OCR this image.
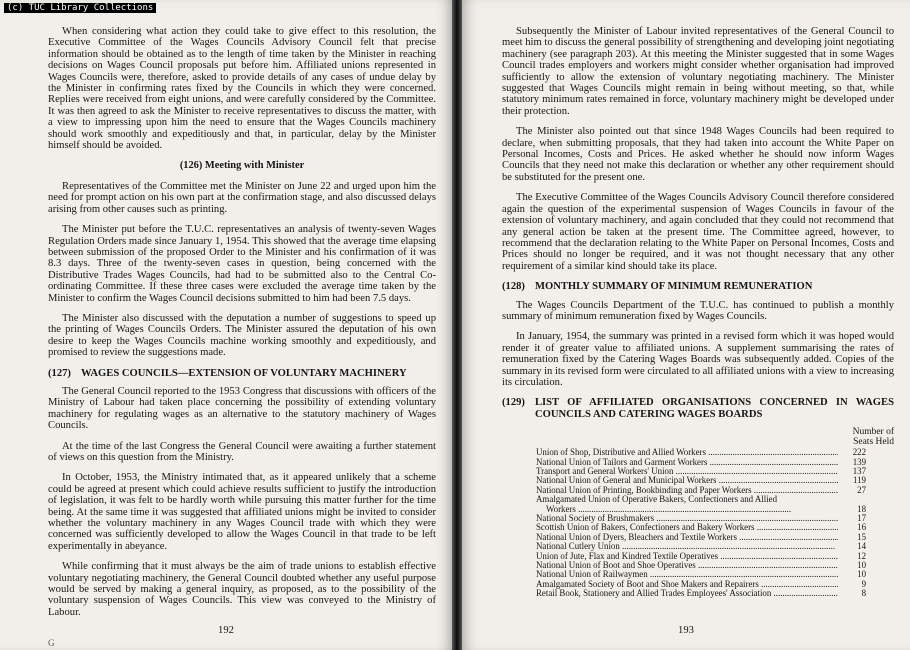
(c) TUC Library Collections

When considering what action they could take to give effect to this resolution, the Executive Committee of the Wages Councils Advisory Council felt that precise information should be obtained as to the length of time taken by the Minister in reaching decisions on Wages Council proposals put before him. Affiliated unions represented in Wages Councils were, therefore, asked to provide details of any cases of undue delay by the Minister in confirming rates fixed by the Councils in which they were concerned. Replies were received from eight unions, and were carefully considered by the Committee. It was then agreed to ask the Minister to receive representatives to discuss the matter, with a view to impressing upon him the need to ensure that the Wages Councils machinery should work smoothly and expeditiously and that, in particular, delay by the Minister himself should be avoided.

(126) Meeting with Minister

Representatives of the Committee met the Minister on June 22 and urged upon him the need for prompt action on his own part at the confirmation stage, and also discussed delays arising from other causes such as printing.

The Minister put before the T.U.C. representatives an analysis of twenty-seven Wages Regulation Orders made since January 1, 1954. This showed that the average time elapsing between submission of the proposed Order to the Minister and his confirmation of it was 8.3 days. Three of the twenty-seven cases in question, being concerned with the Distributive Trades Wages Councils, had had to be submitted also to the Central Co-ordinating Committee. If these three cases were excluded the average time taken by the Minister to confirm the Wages Council decisions submitted to him had been 7.5 days.

The Minister also discussed with the deputation a number of suggestions to speed up the printing of Wages Councils Orders. The Minister assured the deputation of his own desire to keep the Wages Councils machine working smoothly and expeditiously, and promised to review the suggestions made.

(127) WAGES COUNCILS—EXTENSION OF VOLUNTARY MACHINERY

The General Council reported to the 1953 Congress that discussions with officers of the Ministry of Labour had taken place concerning the possibility of extending voluntary machinery for regulating wages as an alternative to the statutory machinery of Wages Councils.

At the time of the last Congress the General Council were awaiting a further statement of views on this question from the Ministry.

In October, 1953, the Ministry intimated that, as it appeared unlikely that a scheme could be agreed at present which could achieve results sufficient to justify the introduction of legislation, it was felt to be hardly worth while pursuing this matter further for the time being. At the same time it was suggested that affiliated unions might be invited to consider whether the voluntary machinery in any Wages Council trade with which they were concerned was sufficiently developed to allow the Wages Council in that trade to be left experimentally in abeyance.

While confirming that it must always be the aim of trade unions to establish effective voluntary negotiating machinery, the General Council doubted whether any useful purpose would be served by making a general inquiry, as proposed, as to the possibility of the voluntary suspension of Wages Councils. This view was conveyed to the Ministry of Labour.

192
G

Subsequently the Minister of Labour invited representatives of the General Council to meet him to discuss the general possibility of strengthening and developing joint negotiating machinery (see paragraph 203). At this meeting the Minister suggested that in some Wages Council trades employers and workers might consider whether organisation had improved sufficiently to allow the extension of voluntary negotiating machinery. The Minister suggested that Wages Councils might remain in being without meeting, so that, while statutory minimum rates remained in force, voluntary machinery might be developed under their protection.

The Minister also pointed out that since 1948 Wages Councils had been required to declare, when submitting proposals, that they had taken into account the White Paper on Personal Incomes, Costs and Prices. He asked whether he should now inform Wages Councils that they need not make this declaration or whether any other requirement should be substituted for the present one.

The Executive Committee of the Wages Councils Advisory Council therefore considered again the question of the experimental suspension of Wages Councils in favour of the extension of voluntary machinery, and again concluded that they could not recommend that any general action be taken at the present time. The Committee agreed, however, to recommend that the declaration relating to the White Paper on Personal Incomes, Costs and Prices should no longer be required, and it was not thought necessary that any other requirement of a similar kind should take its place.

(128) MONTHLY SUMMARY OF MINIMUM REMUNERATION

The Wages Councils Department of the T.U.C. has continued to publish a monthly summary of minimum remuneration fixed by Wages Councils.

In January, 1954, the summary was printed in a revised form which it was hoped would render it of greater value to affiliated unions. A supplement summarising the rates of remuneration fixed by the Catering Wages Boards was subsequently added. Copies of the summary in its revised form were circulated to all affiliated unions with a view to increasing its circulation.

(129) LIST OF AFFILIATED ORGANISATIONS CONCERNED IN WAGES COUNCILS AND CATERING WAGES BOARDS
Number of
Seats Held
Union of Shop, Distributive and Allied Workers .....	222
National Union of Tailors and Garment Workers .....	139
Transport and General Workers' Union .....	137
National Union of General and Municipal Workers .....	119
National Union of Printing, Bookbinding and Paper Workers .....	27
Amalgamated Union of Operative Bakers, Confectioners and Allied
Workers .....	18
National Society of Brushmakers .....	17
Scottish Union of Bakers, Confectioners and Bakery Workers .....	16
National Union of Dyers, Bleachers and Textile Workers .....	15
National Cutlery Union .....	14
Union of Jute, Flax and Kindred Textile Operatives .....	12
National Union of Boot and Shoe Operatives .....	10
National Union of Railwaymen .....	10
Amalgamated Society of Boot and Shoe Makers and Repairers .....	9
Retail Book, Stationery and Allied Trades Employees' Association .....	8
193
